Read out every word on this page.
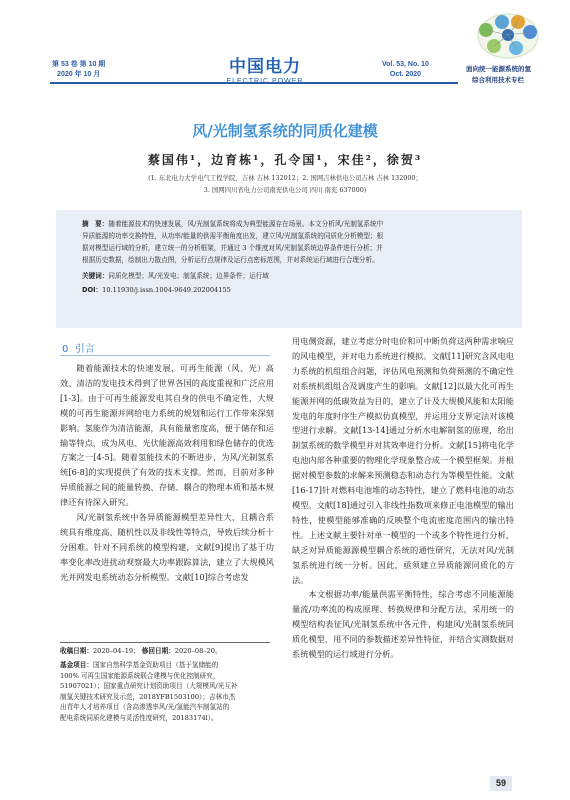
第 53 卷 第 10 期
2020 年 10 月	中国电力	Vol. 53, No. 10
Oct. 2020
面向统一能源系统的氢
综合利用技术专栏
风/光制氢系统的同质化建模
蔡国伟¹，边育栋¹，孔令国¹，宋佳²，徐贺³
(1. 东北电力大学电气工程学院，吉林 吉林 132012；2. 国网吉林供电公司吉林 吉林 132000；
3. 国网四川省电力公司南充供电公司 四川 南充 637000)
摘　要：随着能源技术的快速发展，风/光制氢系统将成为典型能源存在场景。本文分析风/光制氢系统中
异质能源的功率交换特性，从功率/能量的供需平衡角度出发，建立风/光制氢系统的同质化分析模型；根
据对模型运行域的分析，建立统一的分析框架，并通过 3 个维度对风/光制氢系统边界条件进行分析；并
根据历史数据，绘制出力散点图，分析运行点规律及运行点密标范围，并对系统运行域进行合理分析。
关键词：同质化模型；风/光发电；制氢系统；边界条件；运行域
DOI：10.11930/j.issn.1004-9649.202004155
0 引言

随着能源技术的快速发展，可再生能源（风、光）高效、清洁的发电技术得到了世界各国的高度重视和广泛应用[1-3]。由于可再生能源发电其自身的供电不确定性，大规模的可再生能源并网给电力系统的规划和运行工作带来深刻影响。氢能作为清洁能源，具有能量密度高，便于储存和运输等特点，成为风电、光伏能源高效利用和绿色储存的优选方案之一[4-5]。随着氢能技术的不断进步，为风/光制氢系统[6-8]的实现提供了有效的技术支撑。然而，目前对多种异质能源之间的能量转换、存储、耦合的物理本质和基本规律还有待深入研究。

风/光制氢系统中各异质能源模型差异性大，且耦合系统具有维度高、随机性以及非线性等特点，导致后续分析十分困难。针对不同系统的模型构建，文献[9]提出了基于功率变化率改进扰动观察最大功率跟踪算法，建立了大规模风光并网发电系统动态分析模型。文献[10]综合考虑发

用电侧资源，建立考虑分时电价和可中断负荷这两种需求响应的风电模型，并对电力系统进行模拟。文献[11]研究含风电电力系统的机组组合问题，评估风电预测和负荷预测的不确定性对系统机组组合及调度产生的影响。文献[12]以最大化可再生能源并网的低碳效益为目的，建立了计及大规模风能和太阳能发电的年度时序生产模拟仿真模型，并运用分支界定法对该模型进行求解。文献[13-14]通过分析水电解制氢的原理，给出制氢系统的数学模型并对其效率进行分析。文献[15]将电化学电池内部各种重要的物理化学现象整合成一个模型框架。并根据对模型参数的求解来预测稳态和动态行为等模型性能。文献[16-17]针对燃料电池堆的动态特性，建立了燃料电池的动态模型。文献[18]通过引入非线性指数项来修正电池模型的输出特性，使模型能够准确的反映整个电流密度范围内的输出特性。上述文献主要针对单一模型的一个或多个特性进行分析，缺乏对异质能源源模型耦合系统的通性研究，无法对风/光制氢系统进行统一分析。因此，亟须建立异质能源同质化的方法。

本文根据功率/能量供需平衡特性，综合考虑不同能源能量流/功率流的构成原理、转换规律和分配方法，采用统一的模型结构表征风/光制氢系统中各元件，构建风/光制氢系统同质化模型，用不同的参数描述差异性特征，并结合实测数据对系统模型的运行域进行分析。

收稿日期：2020–04–19； 修回日期：2020–08–20。
基金项目：国家自然科学基金资助项目（基于氢储能的
100% 可再生国家能源系统联合建模与优化控制研究，
51907021）；国家重点研究计划资助项目（大规模风/光互补
制氢关键技术研究及示范，2018YFB1503100）；吉林市杰
出青年人才培养项目（含高渗透率风/光/氢能汽车制氢站的
配电系统同质化建模与灵活性度研究，20183174l）。
59
